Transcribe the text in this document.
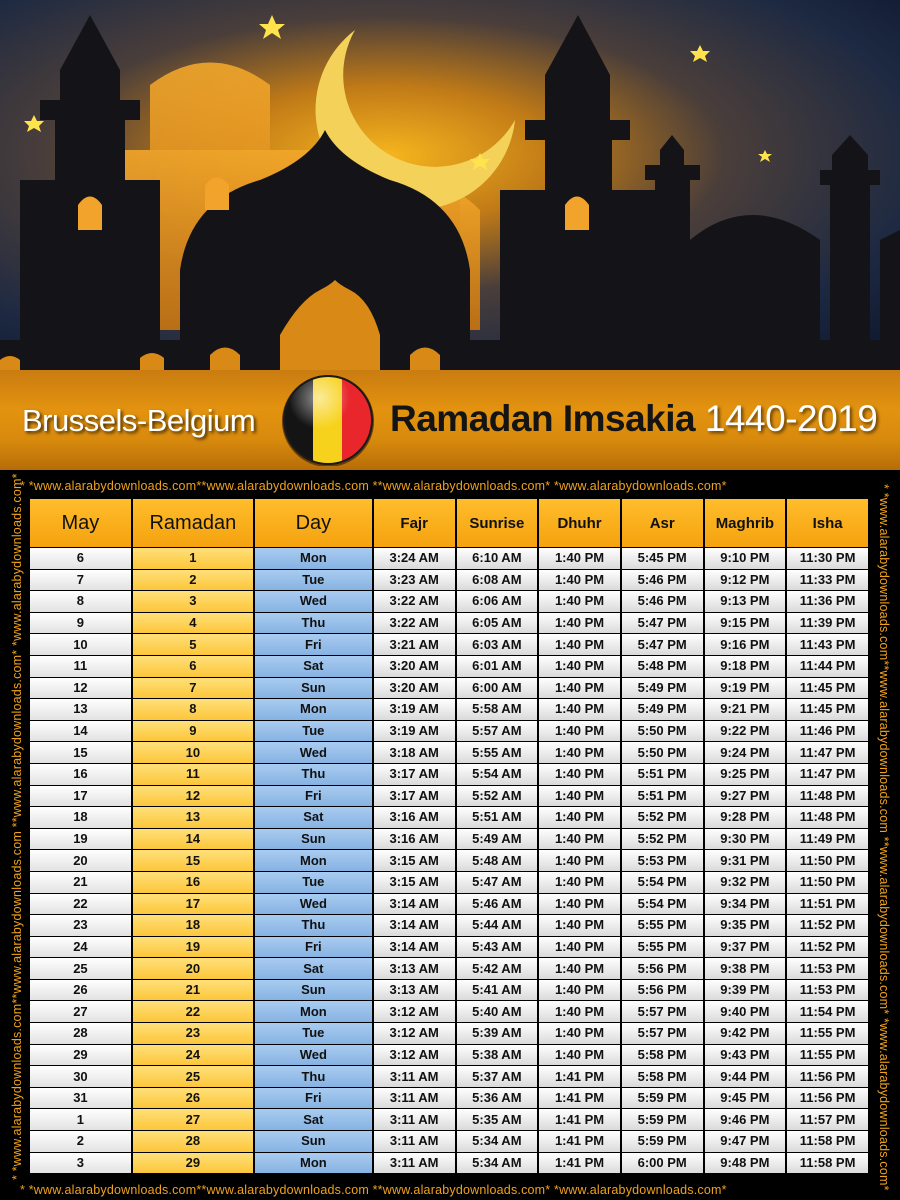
Brussels-Belgium	Ramadan Imsakia 1440-2019
* *www.alarabydownloads.com**www.alarabydownloads.com **www.alarabydownloads.com* *www.alarabydownloads.com*
* *www.alarabydownloads.com**www.alarabydownloads.com **www.alarabydownloads.com* *www.alarabydownloads.com*
* *www.alarabydownloads.com**www.alarabydownloads.com **www.alarabydownloads.com* *www.alarabydownloads.com*	* *www.alarabydownloads.com**www.alarabydownloads.com **www.alarabydownloads.com* *www.alarabydownloads.com*
May	Ramadan	Day	Fajr	Sunrise	Dhuhr	Asr	Maghrib	Isha
6	1	Mon	3:24 AM	6:10 AM	1:40 PM	5:45 PM	9:10 PM	11:30 PM
7	2	Tue	3:23 AM	6:08 AM	1:40 PM	5:46 PM	9:12 PM	11:33 PM
8	3	Wed	3:22 AM	6:06 AM	1:40 PM	5:46 PM	9:13 PM	11:36 PM
9	4	Thu	3:22 AM	6:05 AM	1:40 PM	5:47 PM	9:15 PM	11:39 PM
10	5	Fri	3:21 AM	6:03 AM	1:40 PM	5:47 PM	9:16 PM	11:43 PM
11	6	Sat	3:20 AM	6:01 AM	1:40 PM	5:48 PM	9:18 PM	11:44 PM
12	7	Sun	3:20 AM	6:00 AM	1:40 PM	5:49 PM	9:19 PM	11:45 PM
13	8	Mon	3:19 AM	5:58 AM	1:40 PM	5:49 PM	9:21 PM	11:45 PM
14	9	Tue	3:19 AM	5:57 AM	1:40 PM	5:50 PM	9:22 PM	11:46 PM
15	10	Wed	3:18 AM	5:55 AM	1:40 PM	5:50 PM	9:24 PM	11:47 PM
16	11	Thu	3:17 AM	5:54 AM	1:40 PM	5:51 PM	9:25 PM	11:47 PM
17	12	Fri	3:17 AM	5:52 AM	1:40 PM	5:51 PM	9:27 PM	11:48 PM
18	13	Sat	3:16 AM	5:51 AM	1:40 PM	5:52 PM	9:28 PM	11:48 PM
19	14	Sun	3:16 AM	5:49 AM	1:40 PM	5:52 PM	9:30 PM	11:49 PM
20	15	Mon	3:15 AM	5:48 AM	1:40 PM	5:53 PM	9:31 PM	11:50 PM
21	16	Tue	3:15 AM	5:47 AM	1:40 PM	5:54 PM	9:32 PM	11:50 PM
22	17	Wed	3:14 AM	5:46 AM	1:40 PM	5:54 PM	9:34 PM	11:51 PM
23	18	Thu	3:14 AM	5:44 AM	1:40 PM	5:55 PM	9:35 PM	11:52 PM
24	19	Fri	3:14 AM	5:43 AM	1:40 PM	5:55 PM	9:37 PM	11:52 PM
25	20	Sat	3:13 AM	5:42 AM	1:40 PM	5:56 PM	9:38 PM	11:53 PM
26	21	Sun	3:13 AM	5:41 AM	1:40 PM	5:56 PM	9:39 PM	11:53 PM
27	22	Mon	3:12 AM	5:40 AM	1:40 PM	5:57 PM	9:40 PM	11:54 PM
28	23	Tue	3:12 AM	5:39 AM	1:40 PM	5:57 PM	9:42 PM	11:55 PM
29	24	Wed	3:12 AM	5:38 AM	1:40 PM	5:58 PM	9:43 PM	11:55 PM
30	25	Thu	3:11 AM	5:37 AM	1:41 PM	5:58 PM	9:44 PM	11:56 PM
31	26	Fri	3:11 AM	5:36 AM	1:41 PM	5:59 PM	9:45 PM	11:56 PM
1	27	Sat	3:11 AM	5:35 AM	1:41 PM	5:59 PM	9:46 PM	11:57 PM
2	28	Sun	3:11 AM	5:34 AM	1:41 PM	5:59 PM	9:47 PM	11:58 PM
3	29	Mon	3:11 AM	5:34 AM	1:41 PM	6:00 PM	9:48 PM	11:58 PM
